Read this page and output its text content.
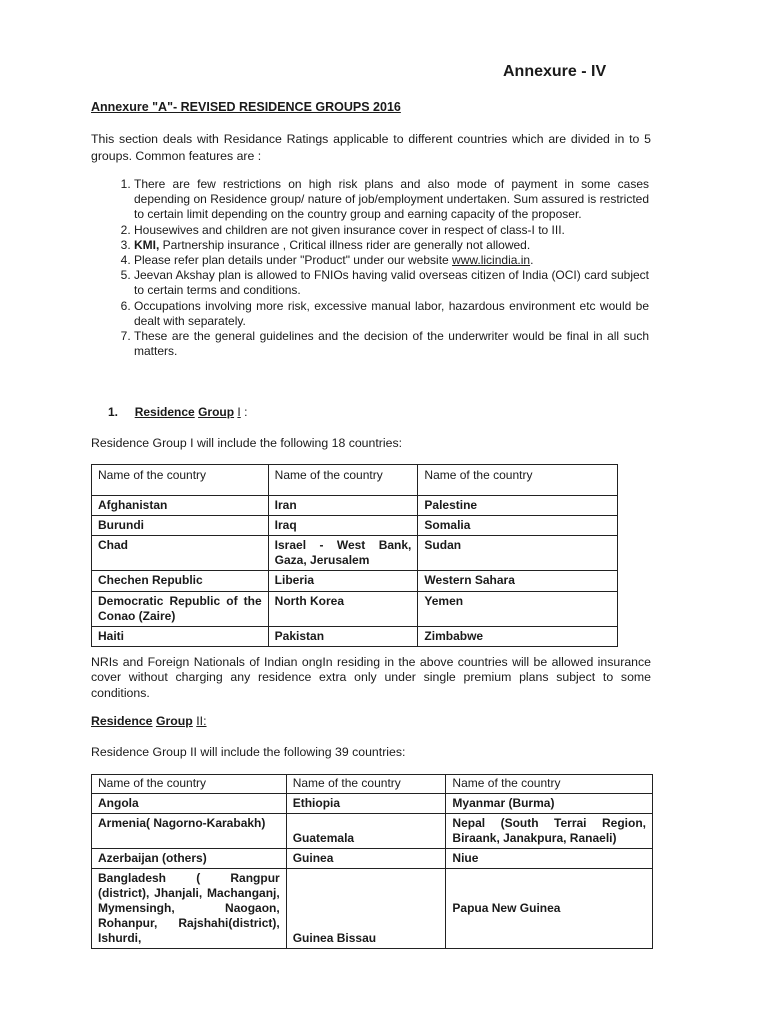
Annexure - IV
Annexure "A"- REVISED RESIDENCE GROUPS 2016
This section deals with Residance Ratings applicable to different countries which are divided in to 5 groups. Common features are :
1. There are few restrictions on high risk plans and also mode of payment in some cases depending on Residence group/ nature of job/employment undertaken. Sum assured is restricted to certain limit depending on the country group and earning capacity of the proposer.
2. Housewives and children are not given insurance cover in respect of class-I to III.
3. KMI, Partnership insurance , Critical illness rider are generally not allowed.
4. Please refer plan details under "Product" under our website www.licindia.in.
5. Jeevan Akshay plan is allowed to FNIOs having valid overseas citizen of India (OCI) card subject to certain terms and conditions.
6. Occupations involving more risk, excessive manual labor, hazardous environment etc would be dealt with separately.
7. These are the general guidelines and the decision of the underwriter would be final in all such matters.
1. Residence Group I :
Residence Group I will include the following 18 countries:
Name of the country	Name of the country	Name of the country
Afghanistan	Iran	Palestine
Burundi	Iraq	Somalia
Chad	Israel - West Bank, Gaza, Jerusalem	Sudan
Chechen Republic	Liberia	Western Sahara
Democratic Republic of the Conao (Zaire)	North Korea	Yemen
Haiti	Pakistan	Zimbabwe
NRIs and Foreign Nationals of Indian ongIn residing in the above countries will be allowed insurance cover without charging any residence extra only under single premium plans subject to some conditions.
Residence Group II:
Residence Group II will include the following 39 countries:
Name of the country	Name of the country	Name of the country
Angola	Ethiopia	Myanmar (Burma)
Armenia( Nagorno-Karabakh)	Guatemala	Nepal (South Terrai Region, Biraank, Janakpura, Ranaeli)
Azerbaijan (others)	Guinea	Niue
Bangladesh ( Rangpur (district), Jhanjali, Machanganj, Mymensingh, Naogaon, Rohanpur, Rajshahi(district), Ishurdi,	Guinea Bissau	Papua New Guinea
